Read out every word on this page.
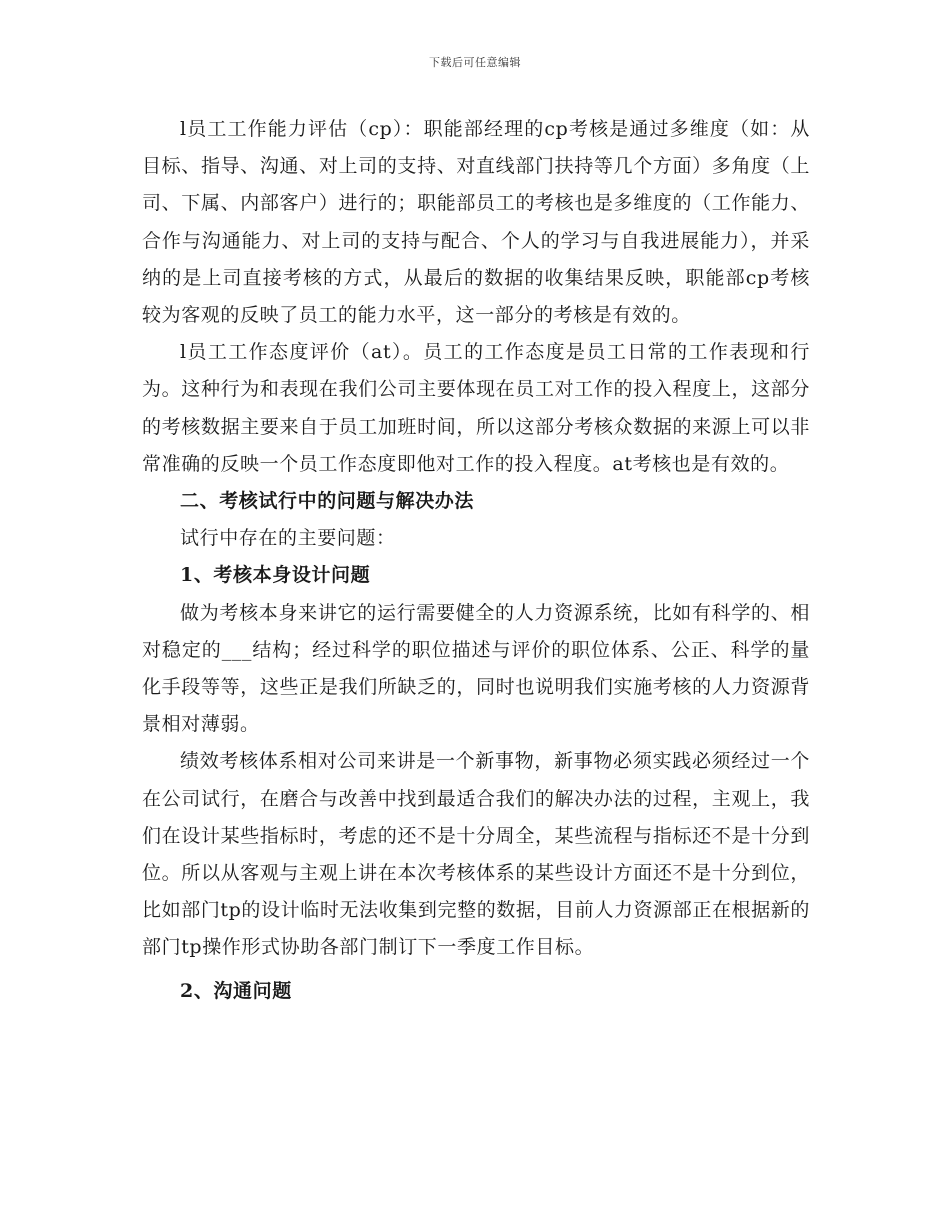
下载后可任意编辑

l员工工作能力评估（cp）：职能部经理的cp考核是通过多维度（如：从目标、指导、沟通、对上司的支持、对直线部门扶持等几个方面）多角度（上司、下属、内部客户）进行的；职能部员工的考核也是多维度的（工作能力、合作与沟通能力、对上司的支持与配合、个人的学习与自我进展能力），并采纳的是上司直接考核的方式，从最后的数据的收集结果反映，职能部cp考核较为客观的反映了员工的能力水平，这一部分的考核是有效的。

l员工工作态度评价（at）。员工的工作态度是员工日常的工作表现和行为。这种行为和表现在我们公司主要体现在员工对工作的投入程度上，这部分的考核数据主要来自于员工加班时间，所以这部分考核众数据的来源上可以非常准确的反映一个员工作态度即他对工作的投入程度。at考核也是有效的。

二、考核试行中的问题与解决办法

试行中存在的主要问题：

1、考核本身设计问题

做为考核本身来讲它的运行需要健全的人力资源系统，比如有科学的、相对稳定的___结构；经过科学的职位描述与评价的职位体系、公正、科学的量化手段等等，这些正是我们所缺乏的，同时也说明我们实施考核的人力资源背景相对薄弱。

绩效考核体系相对公司来讲是一个新事物，新事物必须实践必须经过一个在公司试行，在磨合与改善中找到最适合我们的解决办法的过程，主观上，我们在设计某些指标时，考虑的还不是十分周全，某些流程与指标还不是十分到位。所以从客观与主观上讲在本次考核体系的某些设计方面还不是十分到位，比如部门tp的设计临时无法收集到完整的数据，目前人力资源部正在根据新的部门tp操作形式协助各部门制订下一季度工作目标。

2、沟通问题
